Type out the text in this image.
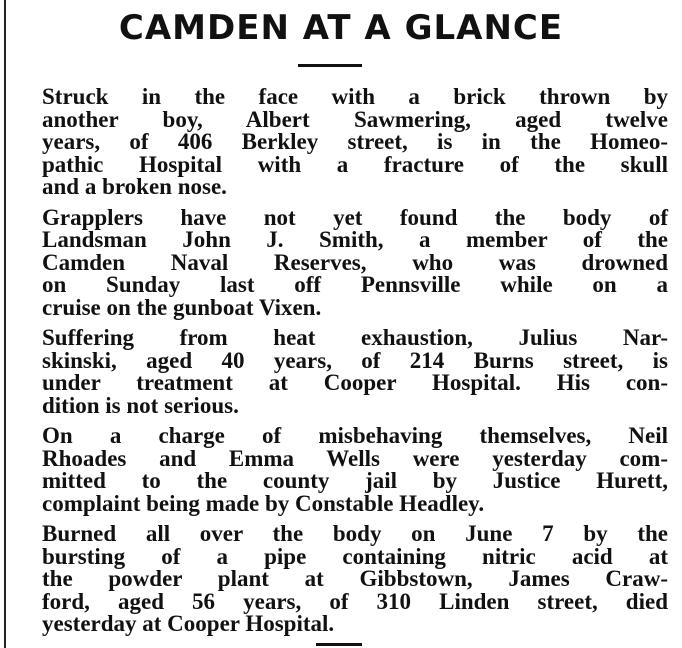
CAMDEN AT A GLANCE

Struck in the face with a brick thrown by
another boy, Albert Sawmering, aged twelve
years, of 406 Berkley street, is in the Homeo-
pathic Hospital with a fracture of the skull
and a broken nose.

Grapplers have not yet found the body of
Landsman John J. Smith, a member of the
Camden Naval Reserves, who was drowned
on Sunday last off Pennsville while on a
cruise on the gunboat Vixen.

Suffering from heat exhaustion, Julius Nar-
skinski, aged 40 years, of 214 Burns street, is
under treatment at Cooper Hospital. His con-
dition is not serious.

On a charge of misbehaving themselves, Neil
Rhoades and Emma Wells were yesterday com-
mitted to the county jail by Justice Hurett,
complaint being made by Constable Headley.

Burned all over the body on June 7 by the
bursting of a pipe containing nitric acid at
the powder plant at Gibbstown, James Craw-
ford, aged 56 years, of 310 Linden street, died
yesterday at Cooper Hospital.
